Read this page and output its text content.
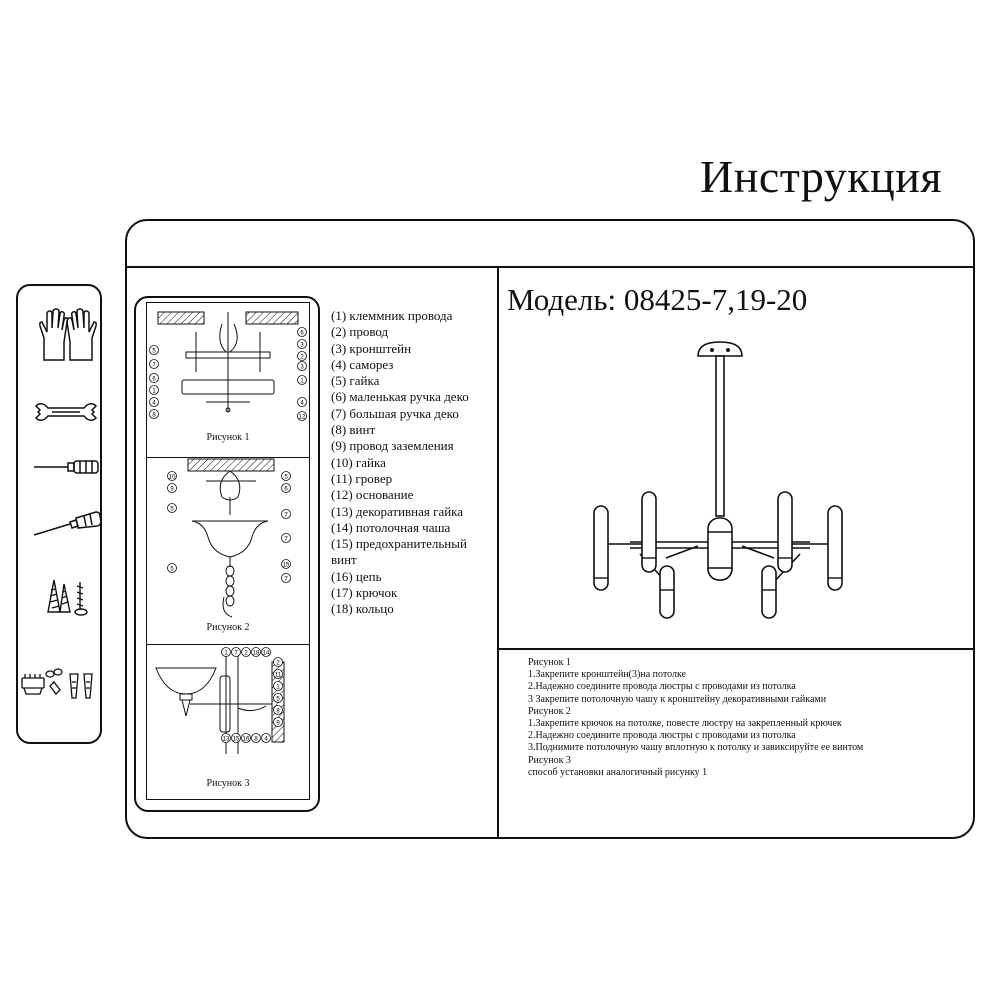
Инструкция
5
7
6
1
4
8
6
3
2
3
1
4
12
10
9
5
5
5
6
7
7
15
7
1 7 2 18 14
13 15 16 8 4
2
11
1
5
8
9
Рисунок 1
Рисунок 2
Рисунок 3
(1) клеммник провода
(2) провод
(3) кронштейн
(4) саморез
(5) гайка
(6) маленькая ручка деко
(7) большая ручка деко
(8) винт
(9) провод заземления
(10) гайка
(11) гровер
(12) основание
(13) декоративная гайка
(14) потолочная чаша
(15) предохранительный
винт
(16) цепь
(17) крючок
(18) кольцо
Модель: 08425-7,19-20
Рисунок 1
1.Закрепите кронштейн(3)на потолке
2.Надежно соедините провода люстры с проводами из потолка
3 Закрепите потолочную чашу к кронштейну декоративными гайками
Рисунок 2
1.Закрепите крючок на потолке, повесте люстру на закрепленный крючек
2.Надежно соедините провода люстры с проводами из потолка
3.Поднимите потолочную чашу вплотную к потолку и завиксируйте ее винтом
Рисунок 3
способ установки аналогичный рисунку 1
